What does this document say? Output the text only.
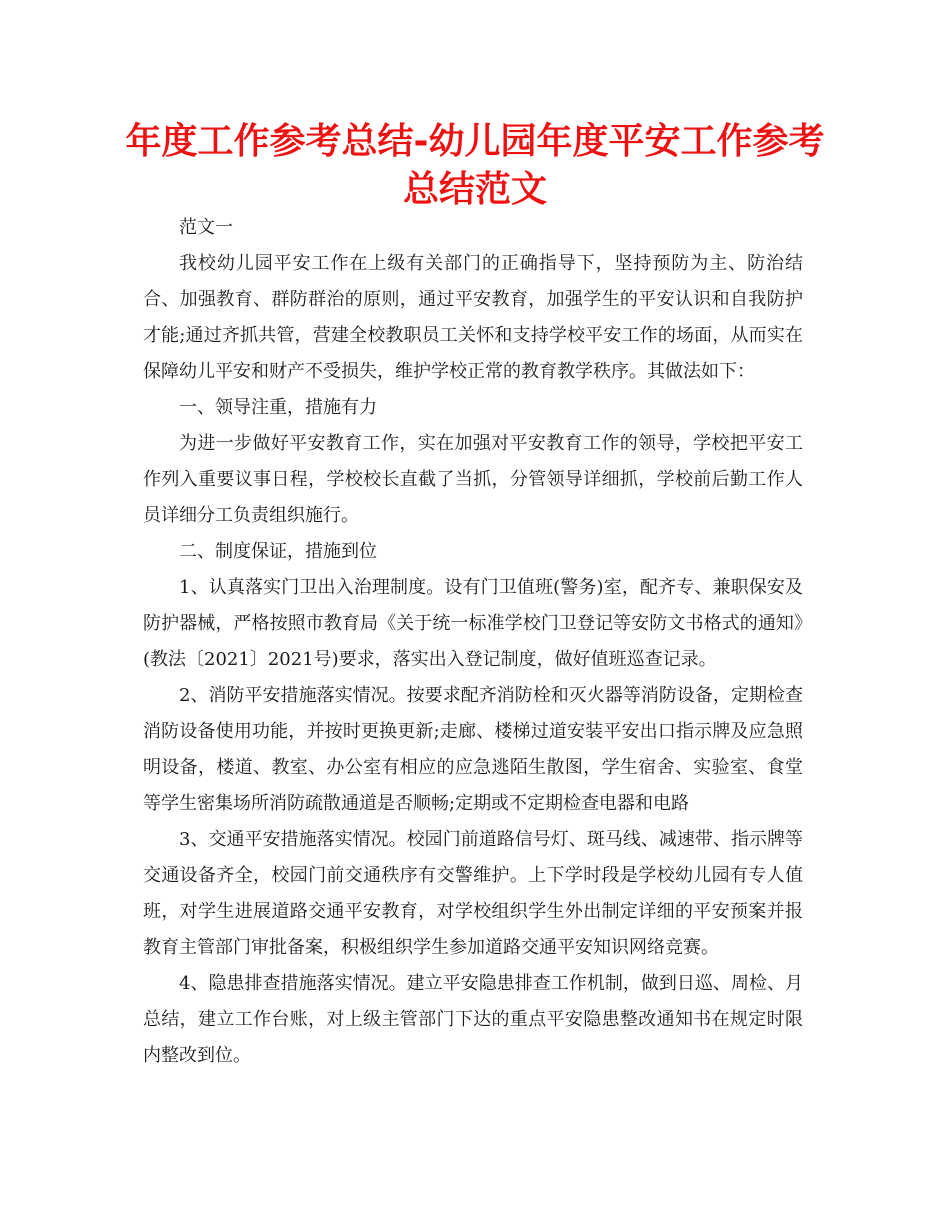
年度工作参考总结-幼儿园年度平安工作参考总结范文

范文一

我校幼儿园平安工作在上级有关部门的正确指导下，坚持预防为主、防治结合、加强教育、群防群治的原则，通过平安教育，加强学生的平安认识和自我防护才能;通过齐抓共管，营建全校教职员工关怀和支持学校平安工作的场面，从而实在保障幼儿平安和财产不受损失，维护学校正常的教育教学秩序。其做法如下：

一、领导注重，措施有力

为进一步做好平安教育工作，实在加强对平安教育工作的领导，学校把平安工作列入重要议事日程，学校校长直截了当抓，分管领导详细抓，学校前后勤工作人员详细分工负责组织施行。

二、制度保证，措施到位

1、认真落实门卫出入治理制度。设有门卫值班(警务)室，配齐专、兼职保安及防护器械，严格按照市教育局《关于统一标准学校门卫登记等安防文书格式的通知》(教法〔2021〕2021号)要求，落实出入登记制度，做好值班巡查记录。

2、消防平安措施落实情况。按要求配齐消防栓和灭火器等消防设备，定期检查消防设备使用功能，并按时更换更新;走廊、楼梯过道安装平安出口指示牌及应急照明设备，楼道、教室、办公室有相应的应急逃陌生散图，学生宿舍、实验室、食堂等学生密集场所消防疏散通道是否顺畅;定期或不定期检查电器和电路

3、交通平安措施落实情况。校园门前道路信号灯、斑马线、减速带、指示牌等交通设备齐全，校园门前交通秩序有交警维护。上下学时段是学校幼儿园有专人值班，对学生进展道路交通平安教育，对学校组织学生外出制定详细的平安预案并报教育主管部门审批备案，积极组织学生参加道路交通平安知识网络竞赛。

4、隐患排查措施落实情况。建立平安隐患排查工作机制，做到日巡、周检、月总结，建立工作台账，对上级主管部门下达的重点平安隐患整改通知书在规定时限内整改到位。
